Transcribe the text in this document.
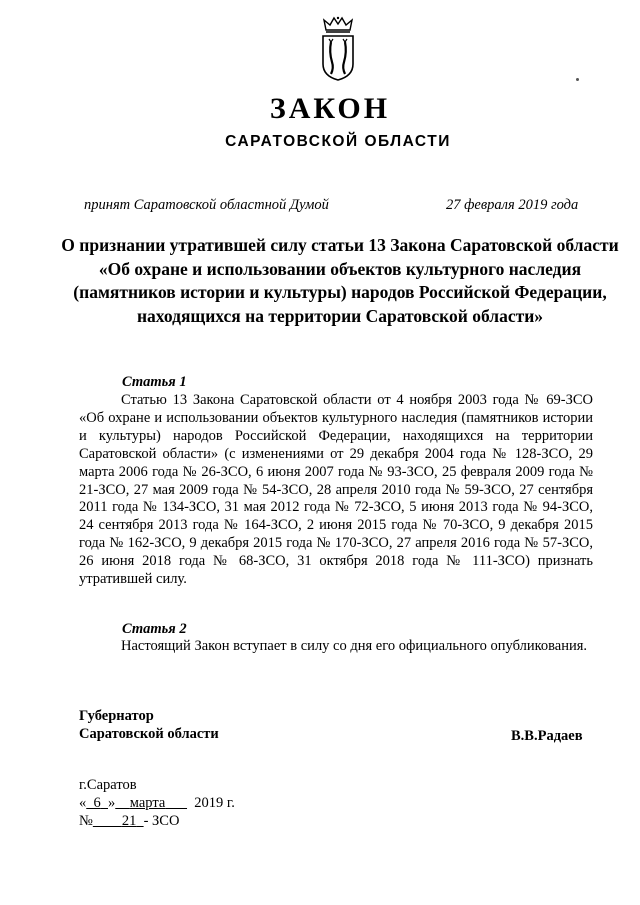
ЗАКОН
САРАТОВСКОЙ ОБЛАСТИ
принят Саратовской областной Думой	27 февраля 2019 года
О признании утратившей силу статьи 13 Закона Саратовской области «Об охране и использовании объектов культурного наследия (памятников истории и культуры) народов Российской Федерации, находящихся на территории Саратовской области»
Статья 1
Статью 13 Закона Саратовской области от 4 ноября 2003 года № 69-ЗСО «Об охране и использовании объектов культурного наследия (памятников истории и культуры) народов Российской Федерации, находящихся на территории Саратовской области» (с изменениями от 29 декабря 2004 года № 128-ЗСО, 29 марта 2006 года № 26-ЗСО, 6 июня 2007 года № 93-ЗСО, 25 февраля 2009 года № 21-ЗСО, 27 мая 2009 года № 54-ЗСО, 28 апреля 2010 года № 59-ЗСО, 27 сентября 2011 года № 134-ЗСО, 31 мая 2012 года № 72-ЗСО, 5 июня 2013 года № 94-ЗСО, 24 сентября 2013 года № 164-ЗСО, 2 июня 2015 года № 70-ЗСО, 9 декабря 2015 года № 162-ЗСО, 9 декабря 2015 года № 170-ЗСО, 27 апреля 2016 года № 57-ЗСО, 26 июня 2018 года № 68-ЗСО, 31 октября 2018 года № 111-ЗСО) признать утратившей силу.
Статья 2
Настоящий Закон вступает в силу со дня его официального опубликования.
Губернатор
Саратовской области	В.В.Радаев
г.Саратов
« 6 » марта 2019 г.
№ 21 - ЗСО
